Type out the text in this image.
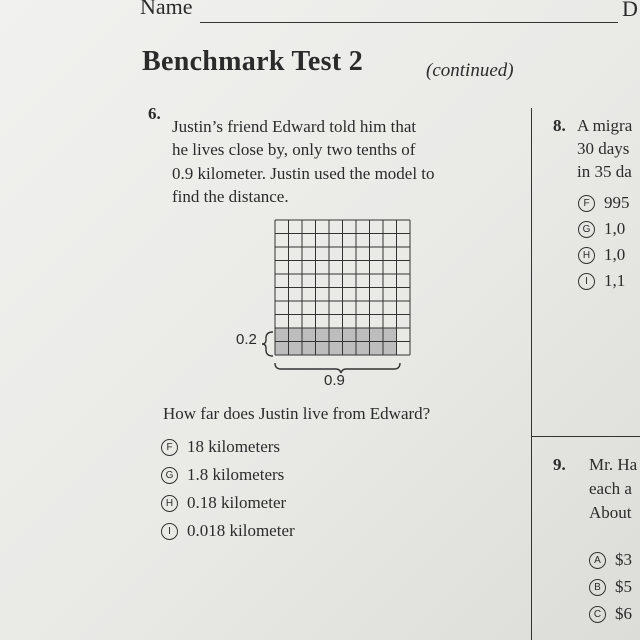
Name	D
Benchmark Test 2	(continued)
6.
Justin’s friend Edward told him that
he lives close by, only two tenths of
0.9 kilometer. Justin used the model to
find the distance.
0.2
0.9
How far does Justin live from Edward?
F 18 kilometers
G 1.8 kilometers
H 0.18 kilometer
I 0.018 kilometer
8. A migra
30 days
in 35 da
F 995
G 1,0
H 1,0
I 1,1
9. Mr. Ha
each a
About
A $3
B $5
C $6
